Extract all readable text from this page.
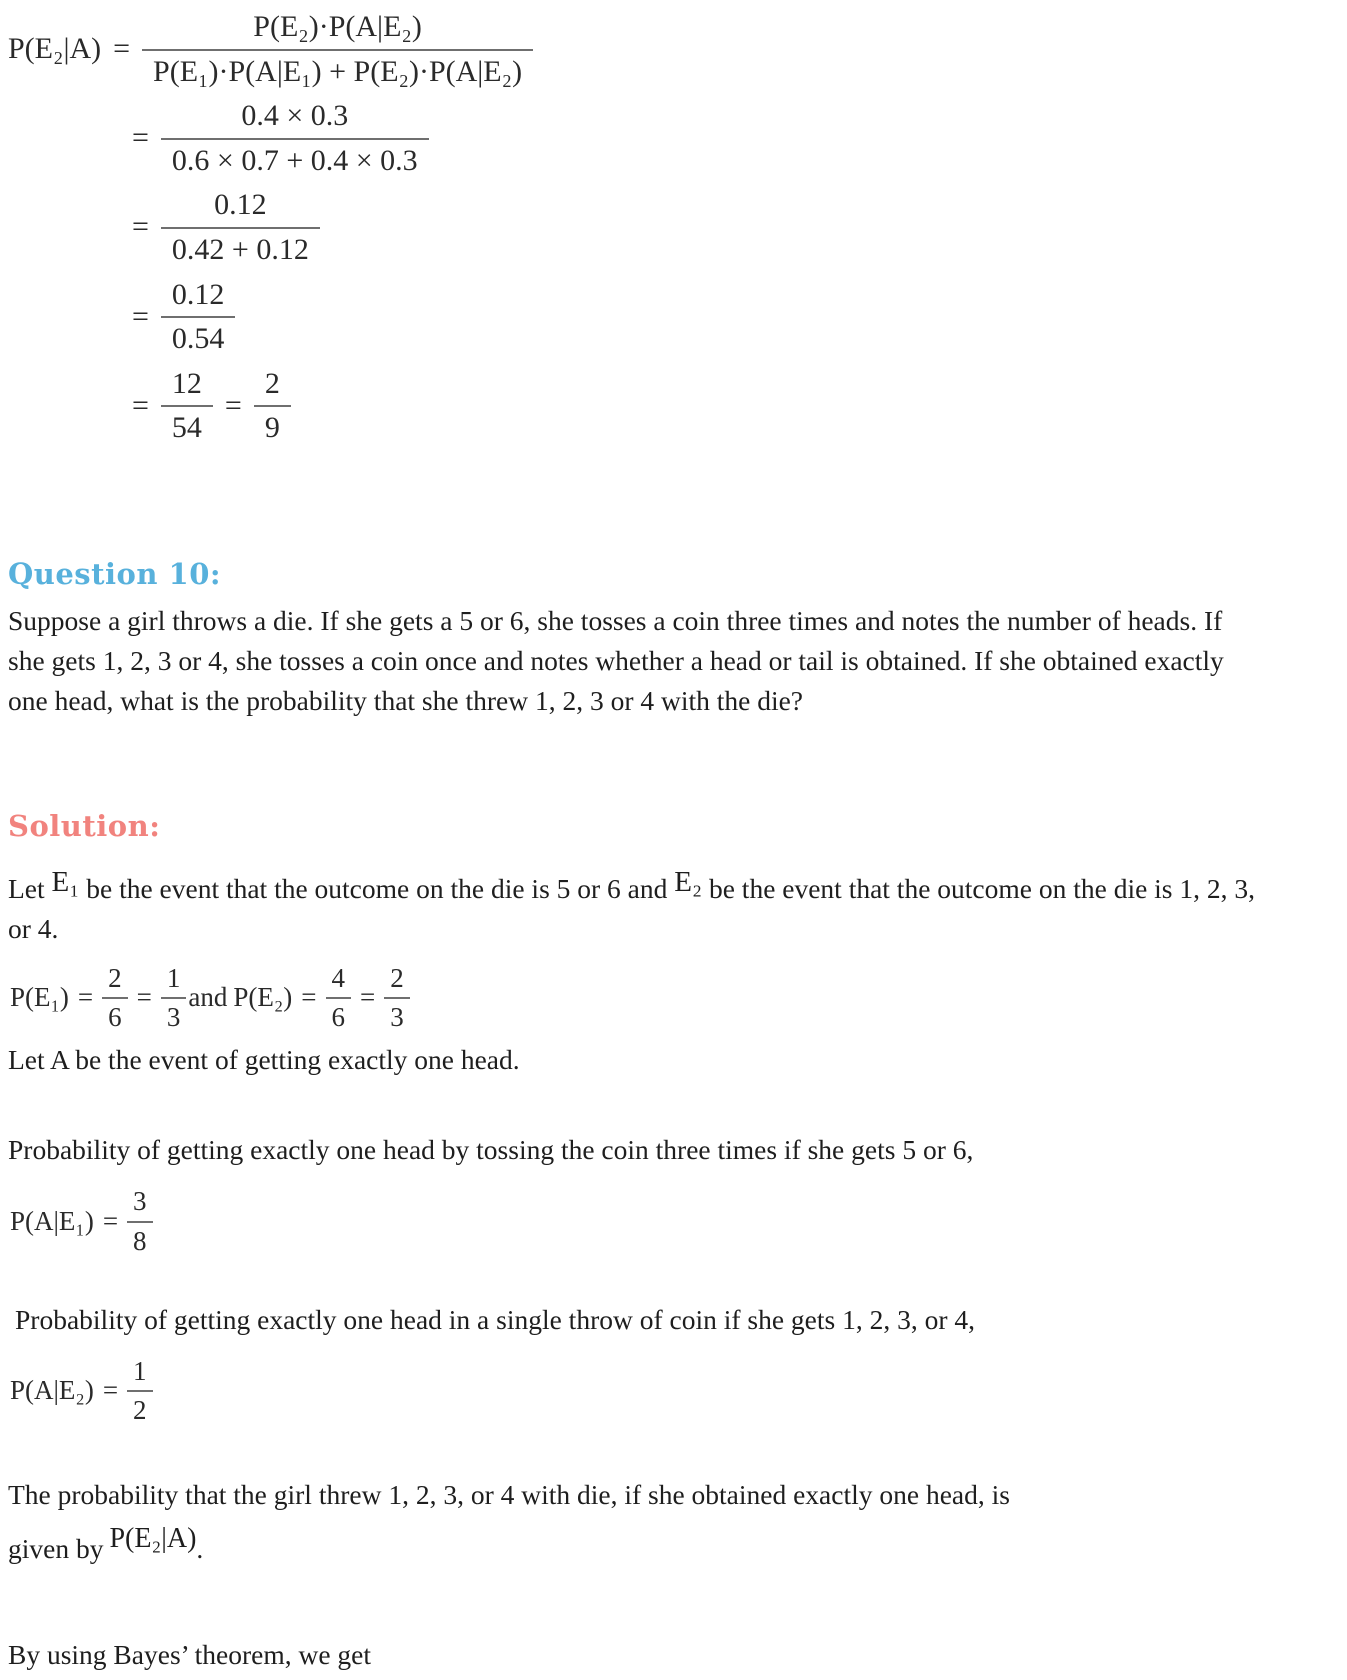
$P(E_2|A) = \frac{\text{P(E₂)·P(A|E₂)}}{\text{P(E₁)·P(A|E₁) + P(E₂)·P(A|E₂)}}$
= $\frac{0.4 \times 0.3}{0.6 \times 0.7 + 0.4 \times 0.3}$
= $\frac{0.12}{0.42 + 0.12}$
= $\frac{0.12}{0.54}$
= $\frac{12}{54} = \frac{2}{9}$
Question 10:

Suppose a girl throws a die. If she gets a 5 or 6, she tosses a coin three times and notes the number of heads. If she gets 1, 2, 3 or 4, she tosses a coin once and notes whether a head or tail is obtained. If she obtained exactly one head, what is the probability that she threw 1, 2, 3 or 4 with the die?

Solution:

Let E₁ be the event that the outcome on the die is 5 or 6 and E₂ be the event that the outcome on the die is 1, 2, 3, or 4.

$P(E_1) = \frac{2}{6} = \frac{1}{3}$ and $P(E_2) = \frac{4}{6} = \frac{2}{3}$

Let A be the event of getting exactly one head.

Probability of getting exactly one head by tossing the coin three times if she gets 5 or 6,

$P(A|E_1) = \frac{3}{8}$

Probability of getting exactly one head in a single throw of coin if she gets 1, 2, 3, or 4,

$P(A|E_2) = \frac{1}{2}$

The probability that the girl threw 1, 2, 3, or 4 with die, if she obtained exactly one head, is

given by P(E₂|A).

By using Bayes’ theorem, we get
